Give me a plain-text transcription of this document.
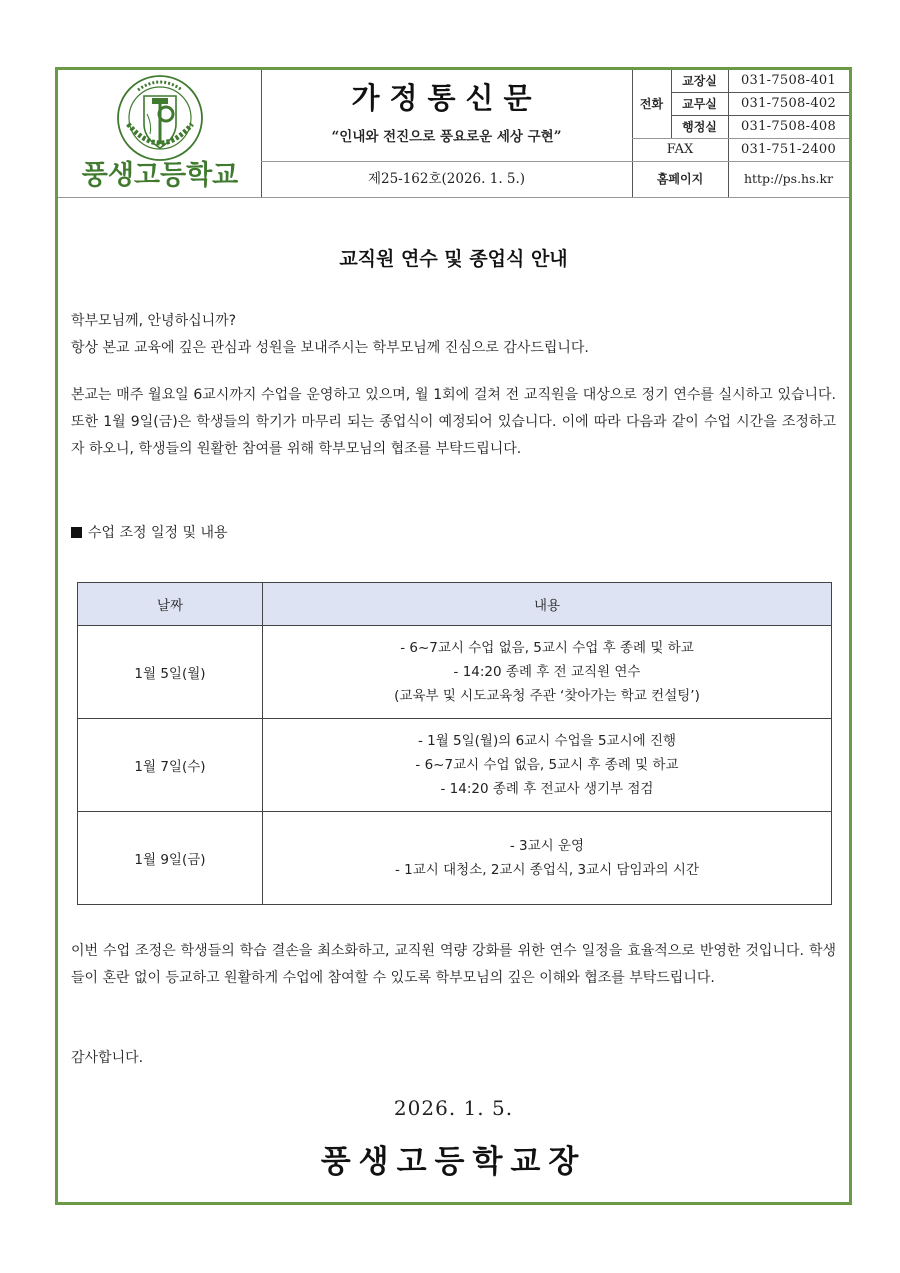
풍생고등학교
가정통신문
“인내와 전진으로 풍요로운 세상 구현”
제25-162호(2026. 1. 5.)
전화
교장실	031-7508-401
교무실	031-7508-402
행정실	031-7508-408
FAX	031-751-2400
홈페이지	http://ps.hs.kr
교직원 연수 및 종업식 안내

학부모님께, 안녕하십니까?

항상 본교 교육에 깊은 관심과 성원을 보내주시는 학부모님께 진심으로 감사드립니다.

본교는 매주 월요일 6교시까지 수업을 운영하고 있으며, 월 1회에 걸쳐 전 교직원을 대상으로 정기 연수를 실시하고 있습니다. 또한 1월 9일(금)은 학생들의 학기가 마무리 되는 종업식이 예정되어 있습니다. 이에 따라 다음과 같이 수업 시간을 조정하고자 하오니, 학생들의 원활한 참여를 위해 학부모님의 협조를 부탁드립니다.
수업 조정 일정 및 내용
날짜	내용
1월 5일(월)	- 6~7교시 수업 없음, 5교시 수업 후 종례 및 하교
- 14:20 종례 후 전 교직원 연수
(교육부 및 시도교육청 주관 ‘찾아가는 학교 컨설팅’)

1월 7일(수)	- 1월 5일(월)의 6교시 수업을 5교시에 진행
- 6~7교시 수업 없음, 5교시 후 종례 및 하교
- 14:20 종례 후 전교사 생기부 점검

1월 9일(금)	- 3교시 운영
- 1교시 대청소, 2교시 종업식, 3교시 담임과의 시간
이번 수업 조정은 학생들의 학습 결손을 최소화하고, 교직원 역량 강화를 위한 연수 일정을 효율적으로 반영한 것입니다. 학생들이 혼란 없이 등교하고 원활하게 수업에 참여할 수 있도록 학부모님의 깊은 이해와 협조를 부탁드립니다.
감사합니다.
2026. 1. 5.
풍생고등학교장
